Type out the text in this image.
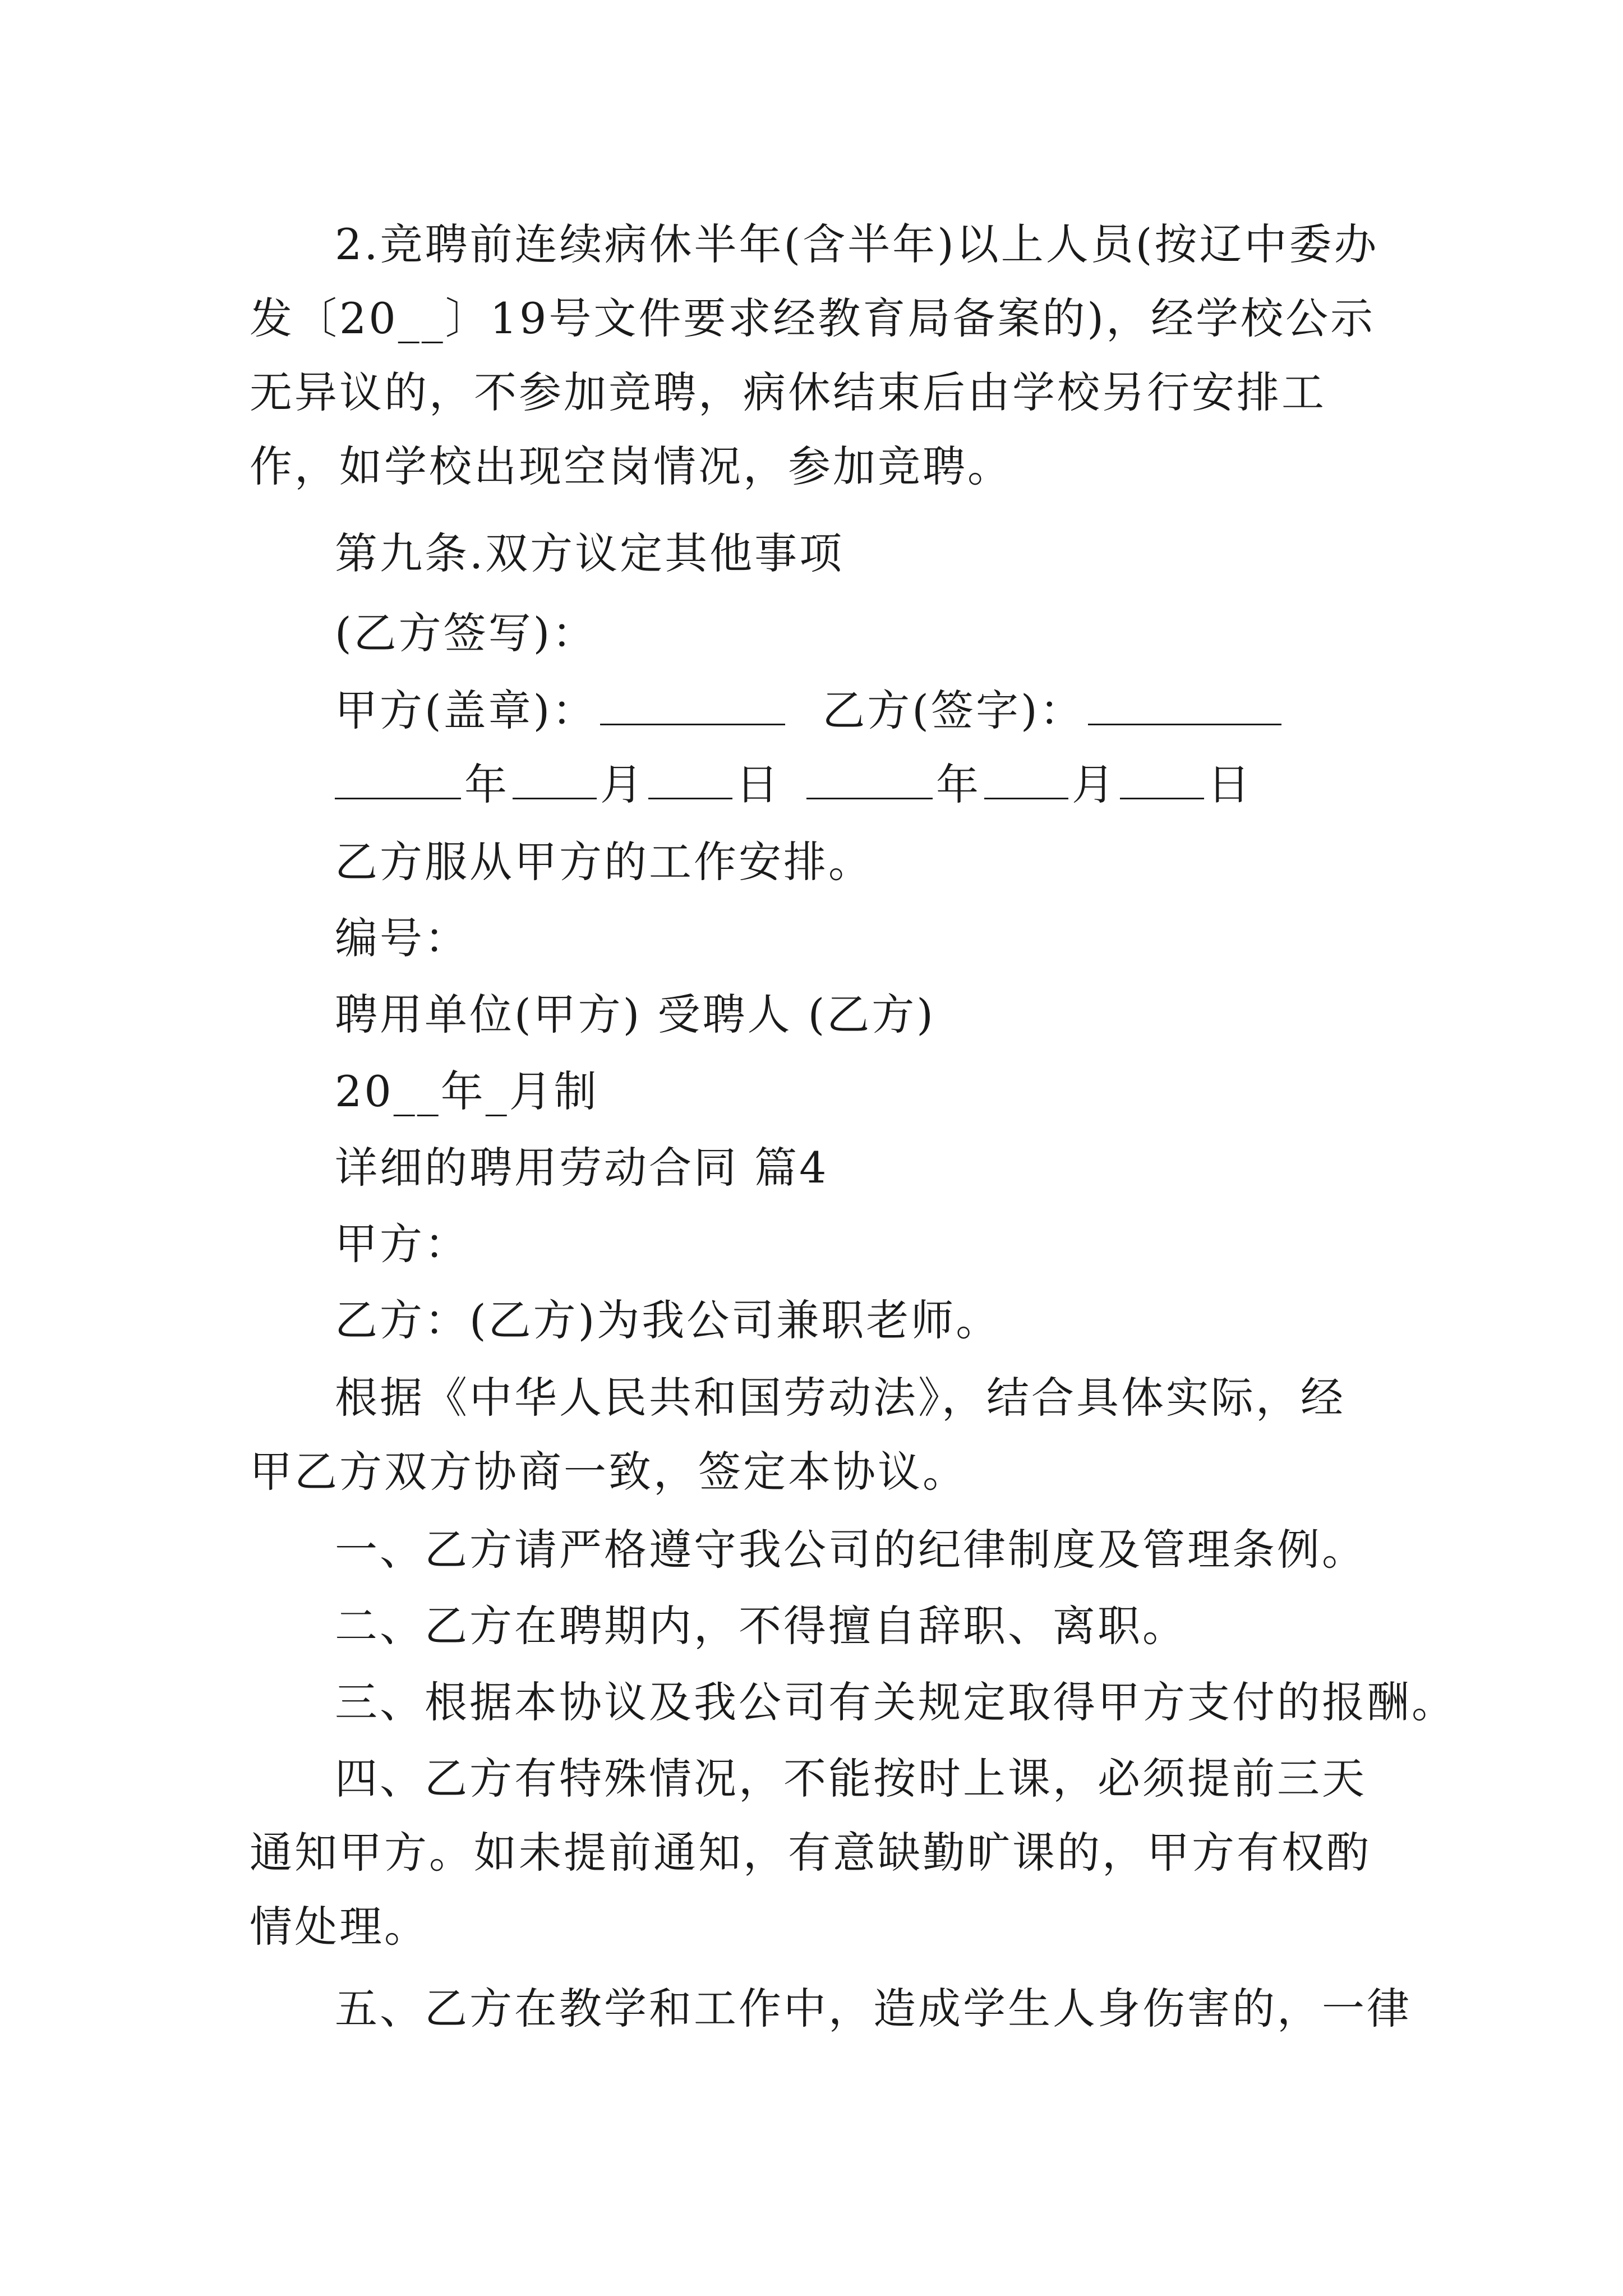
2.竞聘前连续病休半年(含半年)以上人员(按辽中委办发〔20__〕19号文件要求经教育局备案的)，经学校公示无异议的，不参加竞聘，病休结束后由学校另行安排工作，如学校出现空岗情况，参加竞聘。

第九条.双方议定其他事项

(乙方签写)：

甲方(盖章)：	乙方(签字)：

年 月 日	年 月 日

乙方服从甲方的工作安排。

编号：

聘用单位(甲方) 受聘人 (乙方)

20__年_月制

详细的聘用劳动合同 篇4

甲方：

乙方：(乙方)为我公司兼职老师。

根据《中华人民共和国劳动法》，结合具体实际，经甲乙方双方协商一致，签定本协议。

一、乙方请严格遵守我公司的纪律制度及管理条例。

二、乙方在聘期内，不得擅自辞职、离职。

三、根据本协议及我公司有关规定取得甲方支付的报酬。

四、乙方有特殊情况，不能按时上课，必须提前三天通知甲方。如未提前通知，有意缺勤旷课的，甲方有权酌情处理。

五、乙方在教学和工作中，造成学生人身伤害的，一律
